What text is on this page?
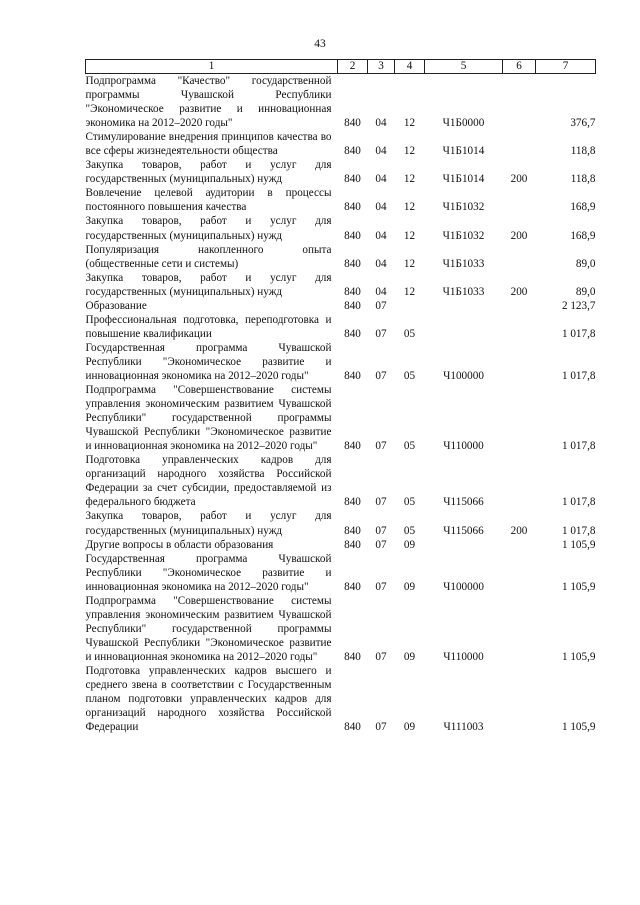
43
1	2	3	4	5	6	7
Подпрограмма "Качество" государственной программы Чувашской Республики "Экономическое развитие и инновационная экономика на 2012–2020 годы"	840	04	12	Ч1Б0000		376,7
Стимулирование внедрения принципов качества во все сферы жизнедеятельности общества	840	04	12	Ч1Б1014		118,8
Закупка товаров, работ и услуг для государственных (муниципальных) нужд	840	04	12	Ч1Б1014	200	118,8
Вовлечение целевой аудитории в процессы постоянного повышения качества	840	04	12	Ч1Б1032		168,9
Закупка товаров, работ и услуг для государственных (муниципальных) нужд	840	04	12	Ч1Б1032	200	168,9
Популяризация накопленного опыта (общественные сети и системы)	840	04	12	Ч1Б1033		89,0
Закупка товаров, работ и услуг для государственных (муниципальных) нужд	840	04	12	Ч1Б1033	200	89,0
Образование	840	07				2 123,7
Профессиональная подготовка, переподготовка и повышение квалификации	840	07	05			1 017,8
Государственная программа Чувашской Республики "Экономическое развитие и инновационная экономика на 2012–2020 годы"	840	07	05	Ч100000		1 017,8
Подпрограмма "Совершенствование системы управления экономическим развитием Чувашской Республики" государственной программы Чувашской Республики "Экономическое развитие и инновационная экономика на 2012–2020 годы"	840	07	05	Ч110000		1 017,8
Подготовка управленческих кадров для организаций народного хозяйства Российской Федерации за счет субсидии, предоставляемой из федерального бюджета	840	07	05	Ч115066		1 017,8
Закупка товаров, работ и услуг для государственных (муниципальных) нужд	840	07	05	Ч115066	200	1 017,8
Другие вопросы в области образования	840	07	09			1 105,9
Государственная программа Чувашской Республики "Экономическое развитие и инновационная экономика на 2012–2020 годы"	840	07	09	Ч100000		1 105,9
Подпрограмма "Совершенствование системы управления экономическим развитием Чувашской Республики" государственной программы Чувашской Республики "Экономическое развитие и инновационная экономика на 2012–2020 годы"	840	07	09	Ч110000		1 105,9
Подготовка управленческих кадров высшего и среднего звена в соответствии с Государственным планом подготовки управленческих кадров для организаций народного хозяйства Российской Федерации	840	07	09	Ч111003		1 105,9
